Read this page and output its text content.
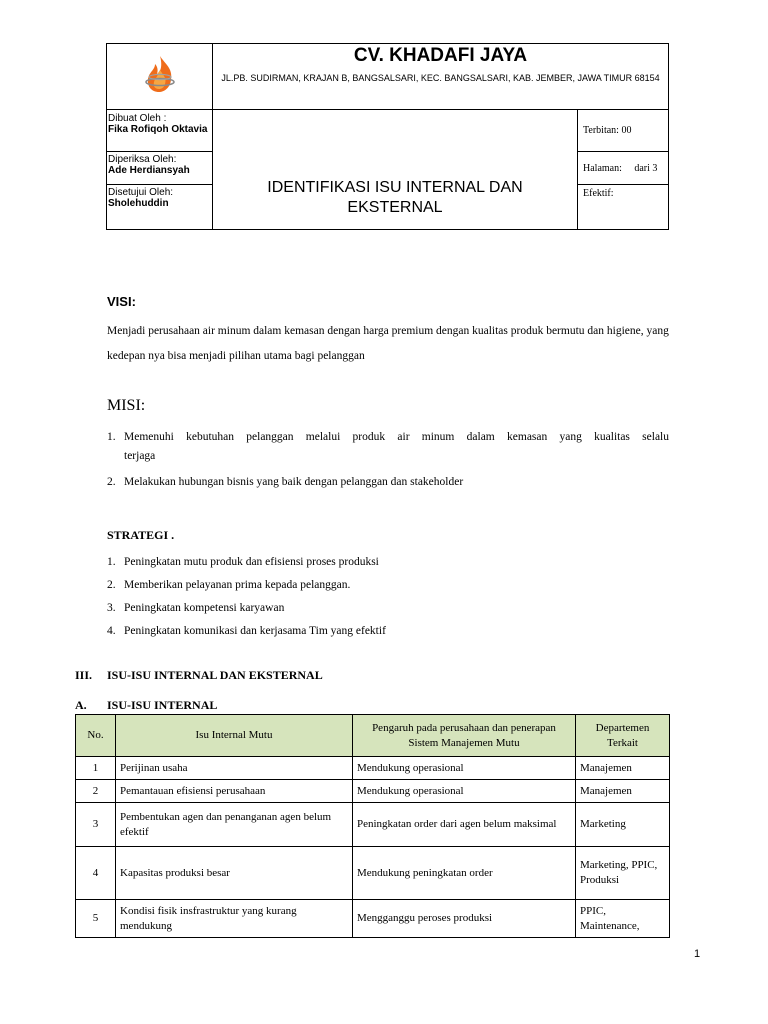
CV. KHADAFI JAYA
JL.PB. SUDIRMAN, KRAJAN B, BANGSALSARI, KEC. BANGSALSARI, KAB. JEMBER, JAWA TIMUR 68154	

Dibuat Oleh :
Fika Rofiqoh Oktavia	IDENTIFIKASI ISU INTERNAL DAN EKSTERNAL	Terbitan: 00

Diperiksa Oleh:
Ade Herdiansyah		Halaman:     dari 3

Disetujui Oleh:
Sholehuddin		Efektif:
VISI:
Menjadi perusahaan air minum dalam kemasan dengan harga premium dengan kualitas produk bermutu dan higiene, yang kedepan nya bisa menjadi pilihan utama bagi pelanggan
MISI:
1. Memenuhi kebutuhan pelanggan melalui produk air minum dalam kemasan yang kualitas selalu
terjaga
2. Melakukan hubungan bisnis yang baik dengan pelanggan dan stakeholder
STRATEGI .
1. Peningkatan mutu produk dan efisiensi proses produksi
2. Memberikan pelayanan prima kepada pelanggan.
3. Peningkatan kompetensi karyawan
4. Peningkatan komunikasi dan kerjasama Tim yang efektif
III. ISU-ISU INTERNAL DAN EKSTERNAL
A. ISU-ISU INTERNAL
No.	Isu Internal Mutu	Pengaruh pada perusahaan dan penerapan Sistem Manajemen Mutu	Departemen Terkait
1	Perijinan usaha	Mendukung operasional	Manajemen
2	Pemantauan efisiensi perusahaan	Mendukung operasional	Manajemen
3	Pembentukan agen dan penanganan agen belum efektif	Peningkatan order dari agen belum maksimal	Marketing
4	Kapasitas produksi besar	Mendukung peningkatan order	Marketing, PPIC, Produksi
5	Kondisi fisik insfrastruktur yang kurang mendukung	Mengganggu peroses produksi	PPIC, Maintenance,
1
